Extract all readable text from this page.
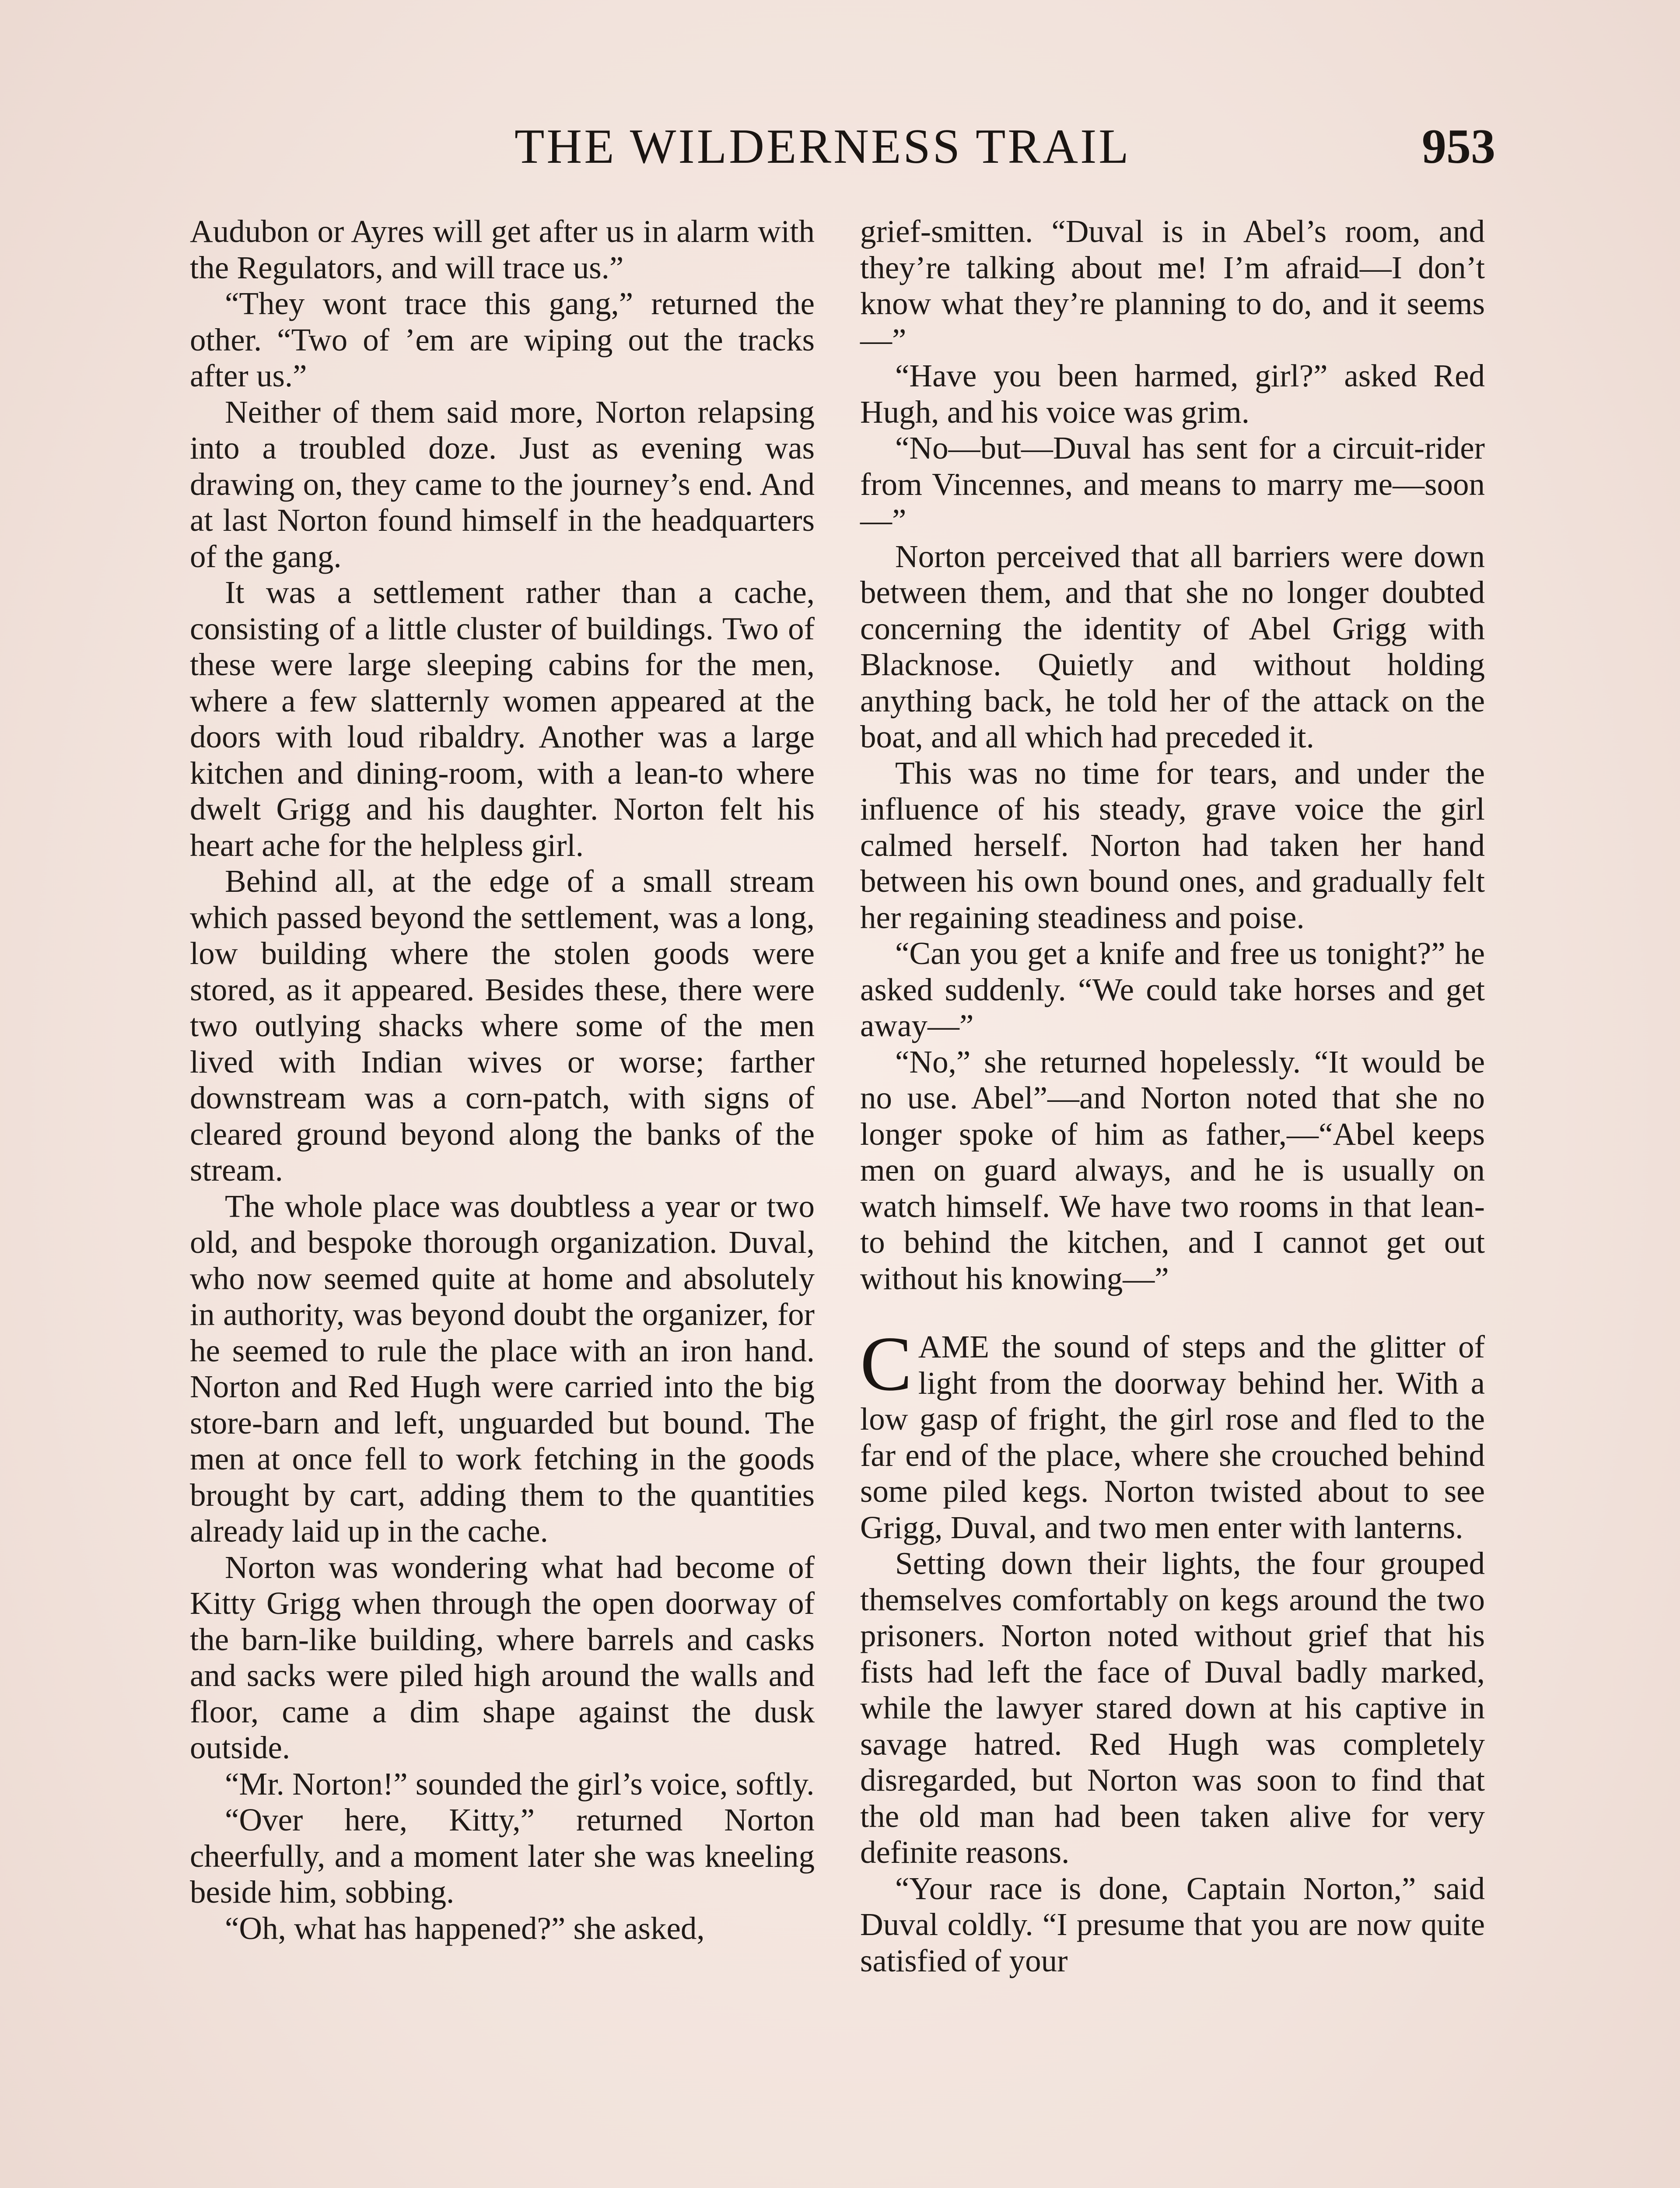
THE WILDERNESS TRAIL	953

Audubon or Ayres will get after us in alarm with the Regulators, and will trace us.”

“They wont trace this gang,” returned the other. “Two of ’em are wiping out the tracks after us.”

Neither of them said more, Norton relapsing into a troubled doze. Just as evening was drawing on, they came to the journey’s end. And at last Norton found himself in the headquarters of the gang.

It was a settlement rather than a cache, consisting of a little cluster of buildings. Two of these were large sleeping cabins for the men, where a few slatternly women appeared at the doors with loud ribaldry. Another was a large kitchen and dining-room, with a lean-to where dwelt Grigg and his daughter. Norton felt his heart ache for the helpless girl.

Behind all, at the edge of a small stream which passed beyond the settlement, was a long, low building where the stolen goods were stored, as it appeared. Besides these, there were two outlying shacks where some of the men lived with Indian wives or worse; farther downstream was a corn-patch, with signs of cleared ground beyond along the banks of the stream.

The whole place was doubtless a year or two old, and bespoke thorough organization. Duval, who now seemed quite at home and absolutely in authority, was beyond doubt the organizer, for he seemed to rule the place with an iron hand. Norton and Red Hugh were carried into the big store-barn and left, unguarded but bound. The men at once fell to work fetching in the goods brought by cart, adding them to the quantities already laid up in the cache.

Norton was wondering what had become of Kitty Grigg when through the open doorway of the barn-like building, where barrels and casks and sacks were piled high around the walls and floor, came a dim shape against the dusk outside.

“Mr. Norton!” sounded the girl’s voice, softly.

“Over here, Kitty,” returned Norton cheerfully, and a moment later she was kneeling beside him, sobbing.

“Oh, what has happened?” she asked,

grief-smitten. “Duval is in Abel’s room, and they’re talking about me! I’m afraid—I don’t know what they’re planning to do, and it seems—”

“Have you been harmed, girl?” asked Red Hugh, and his voice was grim.

“No—but—Duval has sent for a circuit-rider from Vincennes, and means to marry me—soon—”

Norton perceived that all barriers were down between them, and that she no longer doubted concerning the identity of Abel Grigg with Blacknose. Quietly and without holding anything back, he told her of the attack on the boat, and all which had preceded it.

This was no time for tears, and under the influence of his steady, grave voice the girl calmed herself. Norton had taken her hand between his own bound ones, and gradually felt her regaining steadiness and poise.

“Can you get a knife and free us tonight?” he asked suddenly. “We could take horses and get away—”

“No,” she returned hopelessly. “It would be no use. Abel”—and Norton noted that she no longer spoke of him as father,—“Abel keeps men on guard always, and he is usually on watch himself. We have two rooms in that lean-to behind the kitchen, and I cannot get out without his knowing—”

CAME the sound of steps and the glitter of light from the doorway behind her. With a low gasp of fright, the girl rose and fled to the far end of the place, where she crouched behind some piled kegs. Norton twisted about to see Grigg, Duval, and two men enter with lanterns.

Setting down their lights, the four grouped themselves comfortably on kegs around the two prisoners. Norton noted without grief that his fists had left the face of Duval badly marked, while the lawyer stared down at his captive in savage hatred. Red Hugh was completely disregarded, but Norton was soon to find that the old man had been taken alive for very definite reasons.

“Your race is done, Captain Norton,” said Duval coldly. “I presume that you are now quite satisfied of your
